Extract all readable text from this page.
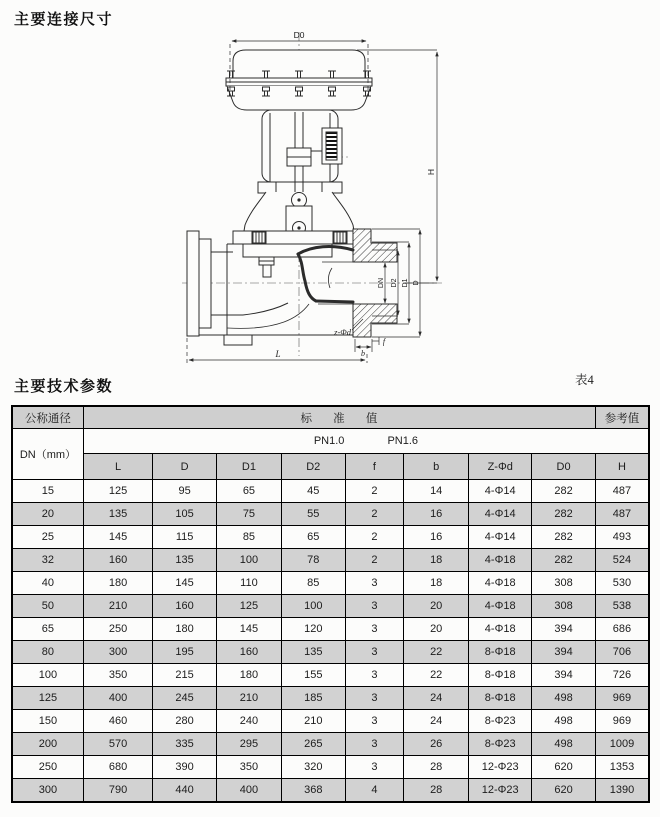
主要连接尺寸
D0
H
DN D2 D1 D
z-Φd
b
f
L
主要技术参数	表4
公称通径	标 准 值								参考值
DN（mm）	PN1.0 PN1.6								
	L	D	D1	D2	f	b	Z-Φd	D0	H
15	125	95	65	45	2	14	4-Φ14	282	487
20	135	105	75	55	2	16	4-Φ14	282	487
25	145	115	85	65	2	16	4-Φ14	282	493
32	160	135	100	78	2	18	4-Φ18	282	524
40	180	145	110	85	3	18	4-Φ18	308	530
50	210	160	125	100	3	20	4-Φ18	308	538
65	250	180	145	120	3	20	4-Φ18	394	686
80	300	195	160	135	3	22	8-Φ18	394	706
100	350	215	180	155	3	22	8-Φ18	394	726
125	400	245	210	185	3	24	8-Φ18	498	969
150	460	280	240	210	3	24	8-Φ23	498	969
200	570	335	295	265	3	26	8-Φ23	498	1009
250	680	390	350	320	3	28	12-Φ23	620	1353
300	790	440	400	368	4	28	12-Φ23	620	1390
